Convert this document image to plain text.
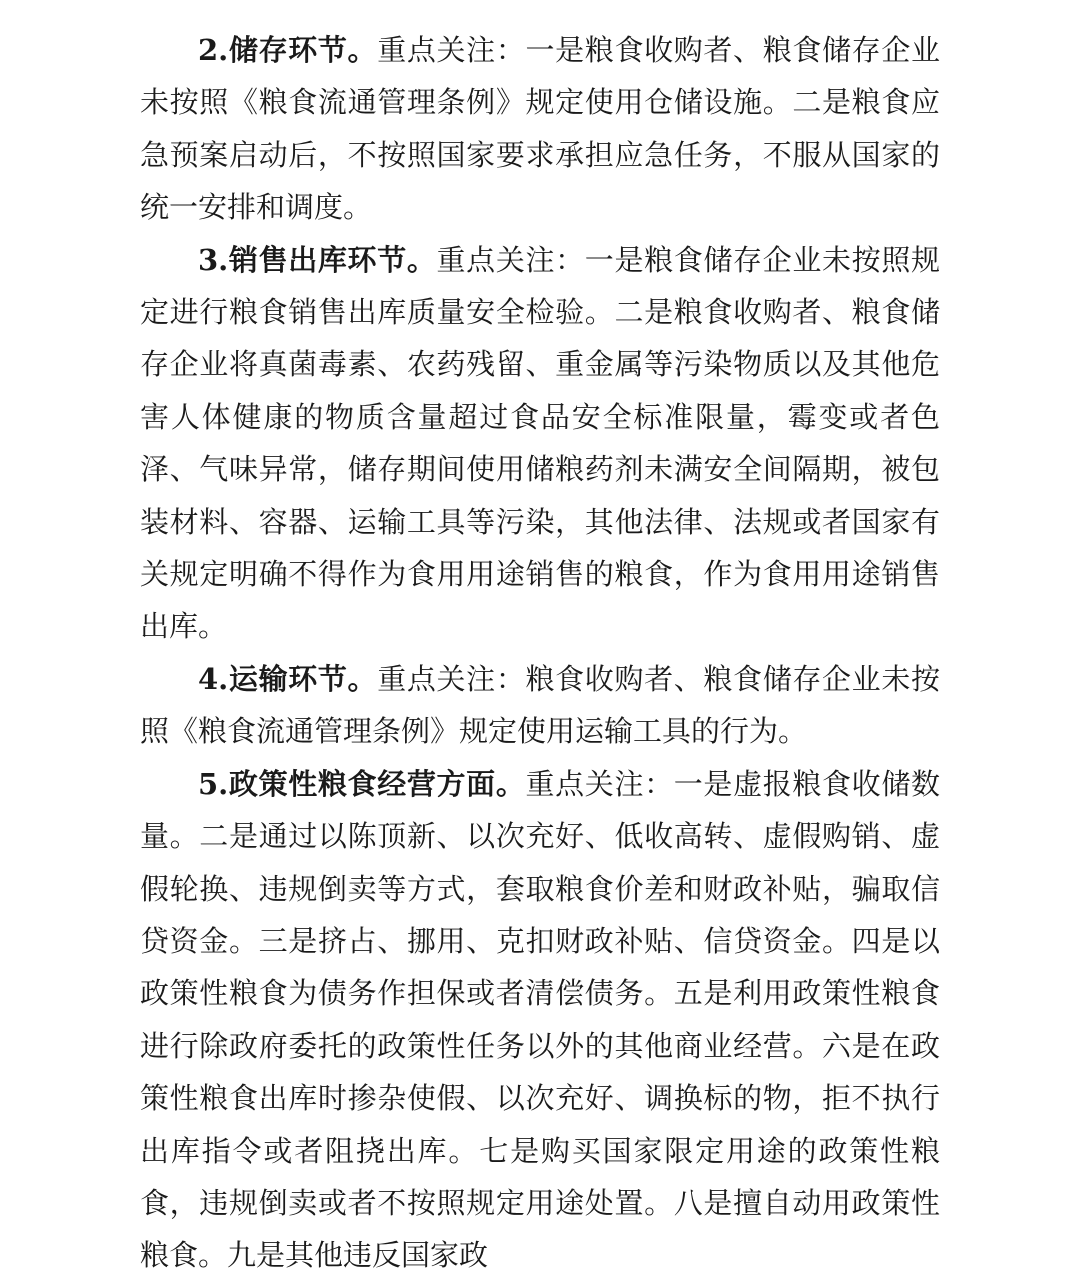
2.储存环节。重点关注：一是粮食收购者、粮食储存企业未按照《粮食流通管理条例》规定使用仓储设施。二是粮食应急预案启动后，不按照国家要求承担应急任务，不服从国家的统一安排和调度。

3.销售出库环节。重点关注：一是粮食储存企业未按照规定进行粮食销售出库质量安全检验。二是粮食收购者、粮食储存企业将真菌毒素、农药残留、重金属等污染物质以及其他危害人体健康的物质含量超过食品安全标准限量，霉变或者色泽、气味异常，储存期间使用储粮药剂未满安全间隔期，被包装材料、容器、运输工具等污染，其他法律、法规或者国家有关规定明确不得作为食用用途销售的粮食，作为食用用途销售出库。

4.运输环节。重点关注：粮食收购者、粮食储存企业未按照《粮食流通管理条例》规定使用运输工具的行为。

5.政策性粮食经营方面。重点关注：一是虚报粮食收储数量。二是通过以陈顶新、以次充好、低收高转、虚假购销、虚假轮换、违规倒卖等方式，套取粮食价差和财政补贴，骗取信贷资金。三是挤占、挪用、克扣财政补贴、信贷资金。四是以政策性粮食为债务作担保或者清偿债务。五是利用政策性粮食进行除政府委托的政策性任务以外的其他商业经营。六是在政策性粮食出库时掺杂使假、以次充好、调换标的物，拒不执行出库指令或者阻挠出库。七是购买国家限定用途的政策性粮食，违规倒卖或者不按照规定用途处置。八是擅自动用政策性粮食。九是其他违反国家政
